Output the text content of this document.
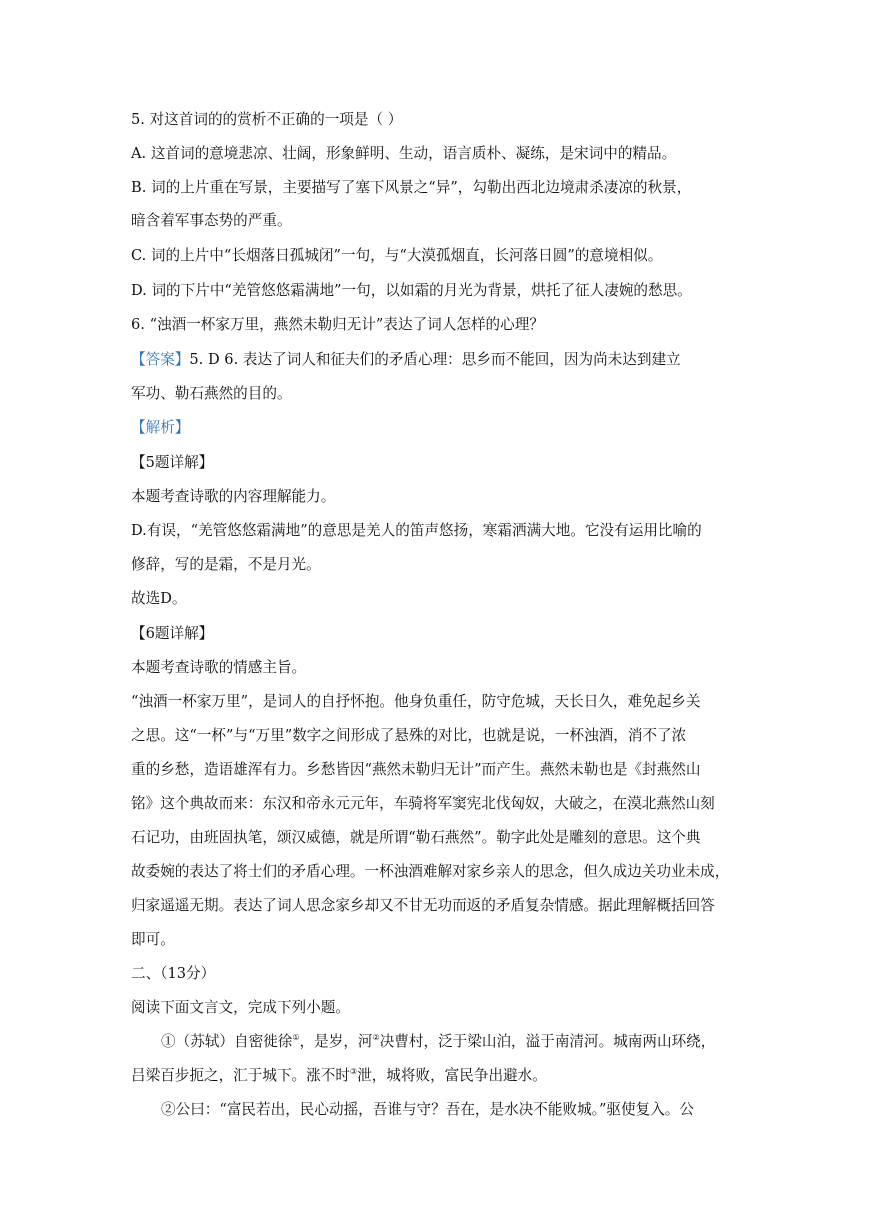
5. 对这首词的的赏析不正确的一项是（ ）
A. 这首词的意境悲凉、壮阔，形象鲜明、生动，语言质朴、凝练，是宋词中的精品。
B. 词的上片重在写景，主要描写了塞下风景之“异”，勾勒出西北边境肃杀凄凉的秋景，
暗含着军事态势的严重。
C. 词的上片中“长烟落日孤城闭”一句，与“大漠孤烟直，长河落日圆”的意境相似。
D. 词的下片中“羌管悠悠霜满地”一句，以如霜的月光为背景，烘托了征人凄婉的愁思。
6. “浊酒一杯家万里，燕然未勒归无计”表达了词人怎样的心理？
【答案】5. D 6. 表达了词人和征夫们的矛盾心理：思乡而不能回，因为尚未达到建立
军功、勒石燕然的目的。
【解析】
【5题详解】
本题考查诗歌的内容理解能力。
D.有误，“羌管悠悠霜满地”的意思是羌人的笛声悠扬，寒霜洒满大地。它没有运用比喻的
修辞，写的是霜，不是月光。
故选D。
【6题详解】
本题考查诗歌的情感主旨。
“浊酒一杯家万里”，是词人的自抒怀抱。他身负重任，防守危城，天长日久，难免起乡关
之思。这“一杯”与“万里”数字之间形成了悬殊的对比，也就是说，一杯浊酒，消不了浓
重的乡愁，造语雄浑有力。乡愁皆因“燕然未勒归无计”而产生。燕然未勒也是《封燕然山
铭》这个典故而来：东汉和帝永元元年，车骑将军窦宪北伐匈奴，大破之，在漠北燕然山刻
石记功，由班固执笔，颂汉威德，就是所谓“勒石燕然”。勒字此处是雕刻的意思。这个典
故委婉的表达了将士们的矛盾心理。一杯浊酒难解对家乡亲人的思念，但久成边关功业未成，
归家遥遥无期。表达了词人思念家乡却又不甘无功而返的矛盾复杂情感。据此理解概括回答
即可。
二、（13分）
阅读下面文言文，完成下列小题。
①（苏轼）自密徙徐①，是岁，河②决曹村，泛于梁山泊，溢于南清河。城南两山环绕，
吕梁百步扼之，汇于城下。涨不时③泄，城将败，富民争出避水。
②公曰：“富民若出，民心动摇，吾谁与守？吾在，是水决不能败城。”驱使复入。公
